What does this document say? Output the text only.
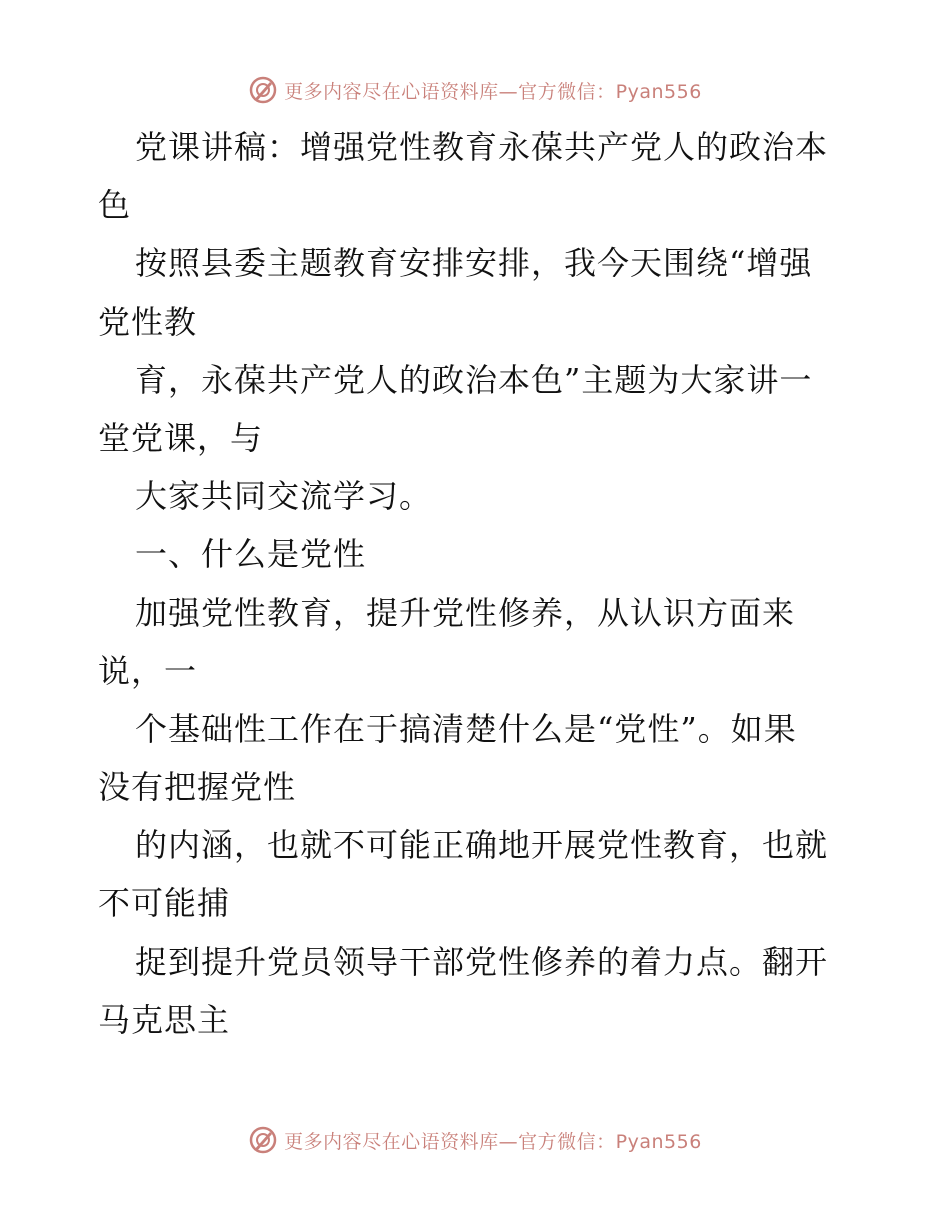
更多内容尽在心语资料库—官方微信：Pyan556
党课讲稿：增强党性教育永葆共产党人的政治本
色
按照县委主题教育安排安排，我今天围绕“增强
党性教
育，永葆共产党人的政治本色”主题为大家讲一
堂党课，与
大家共同交流学习。
一、什么是党性
加强党性教育，提升党性修养，从认识方面来
说，一
个基础性工作在于搞清楚什么是“党性”。如果
没有把握党性
的内涵，也就不可能正确地开展党性教育，也就
不可能捕
捉到提升党员领导干部党性修养的着力点。翻开
马克思主
更多内容尽在心语资料库—官方微信：Pyan556
